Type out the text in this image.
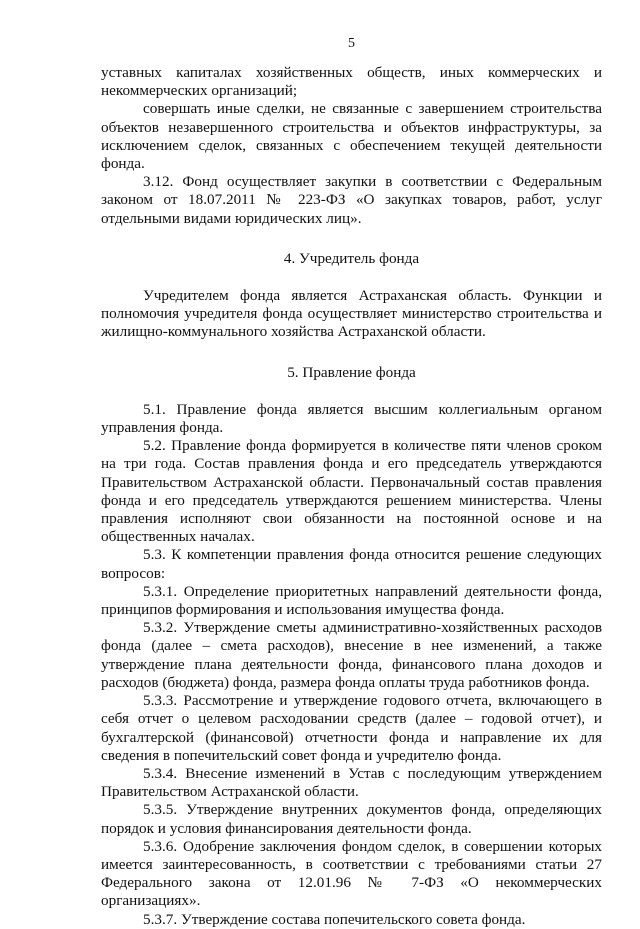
5

уставных капиталах хозяйственных обществ, иных коммерческих и некоммерческих организаций;

совершать иные сделки, не связанные с завершением строительства объектов незавершенного строительства и объектов инфраструктуры, за исключением сделок, связанных с обеспечением текущей деятельности фонда.

3.12. Фонд осуществляет закупки в соответствии с Федеральным законом от 18.07.2011 № 223-ФЗ «О закупках товаров, работ, услуг отдельными видами юридических лиц».

4. Учредитель фонда

Учредителем фонда является Астраханская область. Функции и полномочия учредителя фонда осуществляет министерство строительства и жилищно-коммунального хозяйства Астраханской области.

5. Правление фонда

5.1. Правление фонда является высшим коллегиальным органом управления фонда.

5.2. Правление фонда формируется в количестве пяти членов сроком на три года. Состав правления фонда и его председатель утверждаются Правительством Астраханской области. Первоначальный состав правления фонда и его председатель утверждаются решением министерства. Члены правления исполняют свои обязанности на постоянной основе и на общественных началах.

5.3. К компетенции правления фонда относится решение следующих вопросов:

5.3.1. Определение приоритетных направлений деятельности фонда, принципов формирования и использования имущества фонда.

5.3.2. Утверждение сметы административно-хозяйственных расходов фонда (далее – смета расходов), внесение в нее изменений, а также утверждение плана деятельности фонда, финансового плана доходов и расходов (бюджета) фонда, размера фонда оплаты труда работников фонда.

5.3.3. Рассмотрение и утверждение годового отчета, включающего в себя отчет о целевом расходовании средств (далее – годовой отчет), и бухгалтерской (финансовой) отчетности фонда и направление их для сведения в попечительский совет фонда и учредителю фонда.

5.3.4. Внесение изменений в Устав с последующим утверждением Правительством Астраханской области.

5.3.5. Утверждение внутренних документов фонда, определяющих порядок и условия финансирования деятельности фонда.

5.3.6. Одобрение заключения фондом сделок, в совершении которых имеется заинтересованность, в соответствии с требованиями статьи 27 Федерального закона от 12.01.96 № 7-ФЗ «О некоммерческих организациях».

5.3.7. Утверждение состава попечительского совета фонда.
